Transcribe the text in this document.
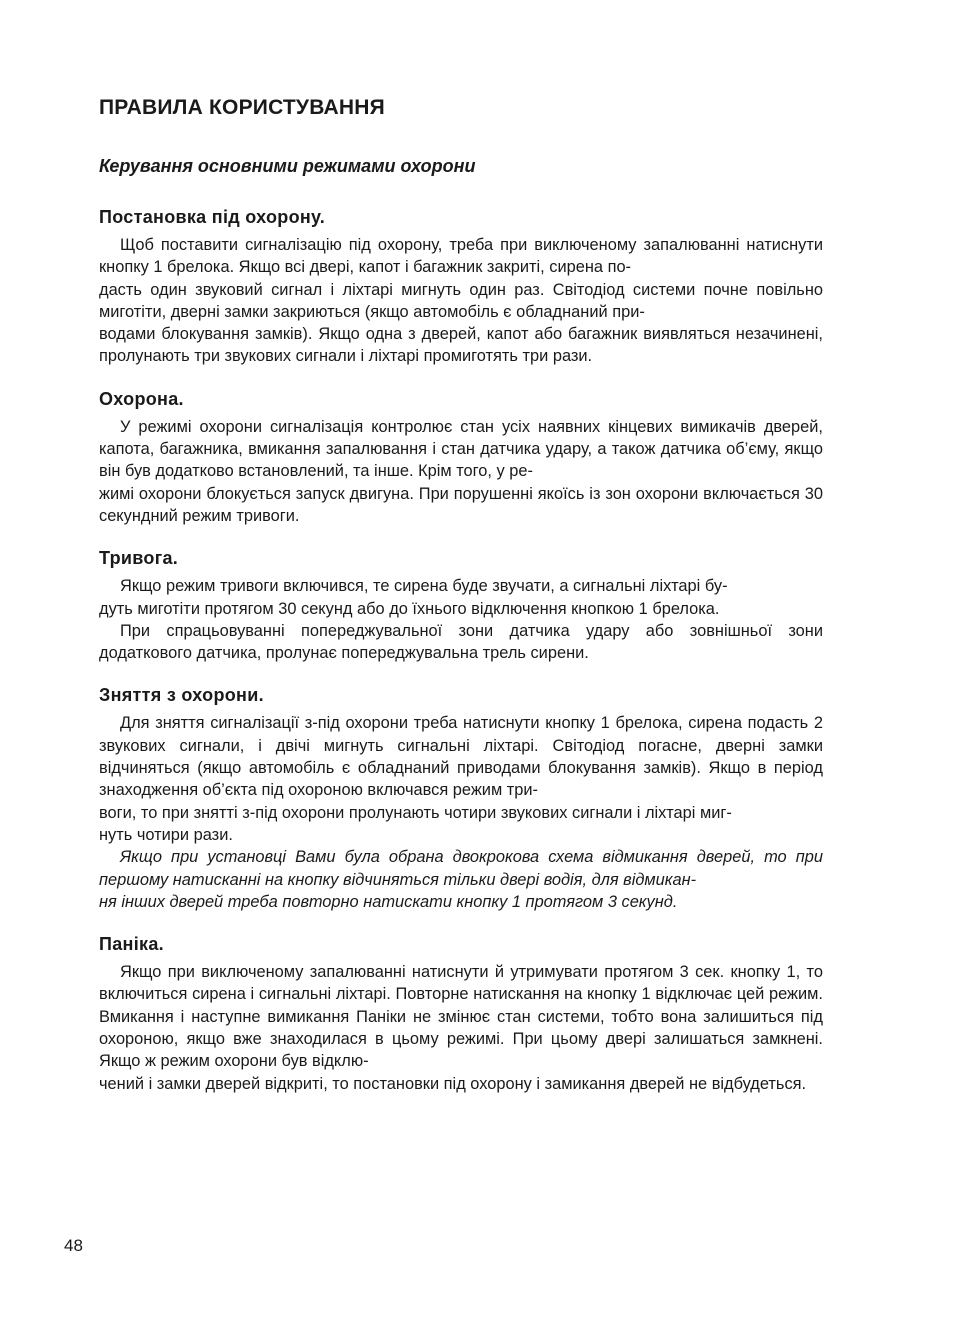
ПРАВИЛА КОРИСТУВАННЯ
Керування основними режимами охорони
Постановка під охорону.

Щоб поставити сигналізацію під охорону, треба при виключеному запалюванні натиснути кнопку 1 брелока. Якщо всі двері, капот і багажник закриті, сирена по-
дасть один звуковий сигнал і ліхтарі мигнуть один раз. Світодіод системи почне повільно миготіти, дверні замки закриються (якщо автомобіль є обладнаний при-
водами блокування замків). Якщо одна з дверей, капот або багажник виявляться незачинені, пролунають три звукових сигнали і ліхтарі промиготять три рази.

Охорона.

У режимі охорони сигналізація контролює стан усіх наявних кінцевих вимикачів дверей, капота, багажника, вмикання запалювання і стан датчика удару, а також датчика об’єму, якщо він був додатково встановлений, та інше. Крім того, у ре-
жимі охорони блокується запуск двигуна. При порушенні якоїсь із зон охорони включається 30 секундний режим тривоги.

Тривога.

Якщо режим тривоги включився, те сирена буде звучати, а сигнальні ліхтарі бу-
дуть миготіти протягом 30 секунд або до їхнього відключення кнопкою 1 брелока.

При спрацьовуванні попереджувальної зони датчика удару або зовнішньої зони додаткового датчика, пролунає попереджувальна трель сирени.

Зняття з охорони.

Для зняття сигналізації з-під охорони треба натиснути кнопку 1 брелока, сирена подасть 2 звукових сигнали, і двічі мигнуть сигнальні ліхтарі. Світодіод погасне, дверні замки відчиняться (якщо автомобіль є обладнаний приводами блокування замків). Якщо в період знаходження об’єкта під охороною включався режим три-
воги, то при знятті з-під охорони пролунають чотири звукових сигнали і ліхтарі миг-
нуть чотири рази.

Якщо при установці Вами була обрана двокрокова схема відмикання дверей, то при першому натисканні на кнопку відчиняться тільки двері водія, для відмикан-
ня інших дверей треба повторно натискати кнопку 1 протягом 3 секунд.

Паніка.

Якщо при виключеному запалюванні натиснути й утримувати протягом 3 сек. кнопку 1, то включиться сирена і сигнальні ліхтарі. Повторне натискання на кнопку 1 відключає цей режим. Вмикання і наступне вимикання Паніки не змінює стан системи, тобто вона залишиться під охороною, якщо вже знаходилася в цьому режимі. При цьому двері залишаться замкнені. Якщо ж режим охорони був відклю-
чений і замки дверей відкриті, то постановки під охорону і замикання дверей не відбудеться.

48
